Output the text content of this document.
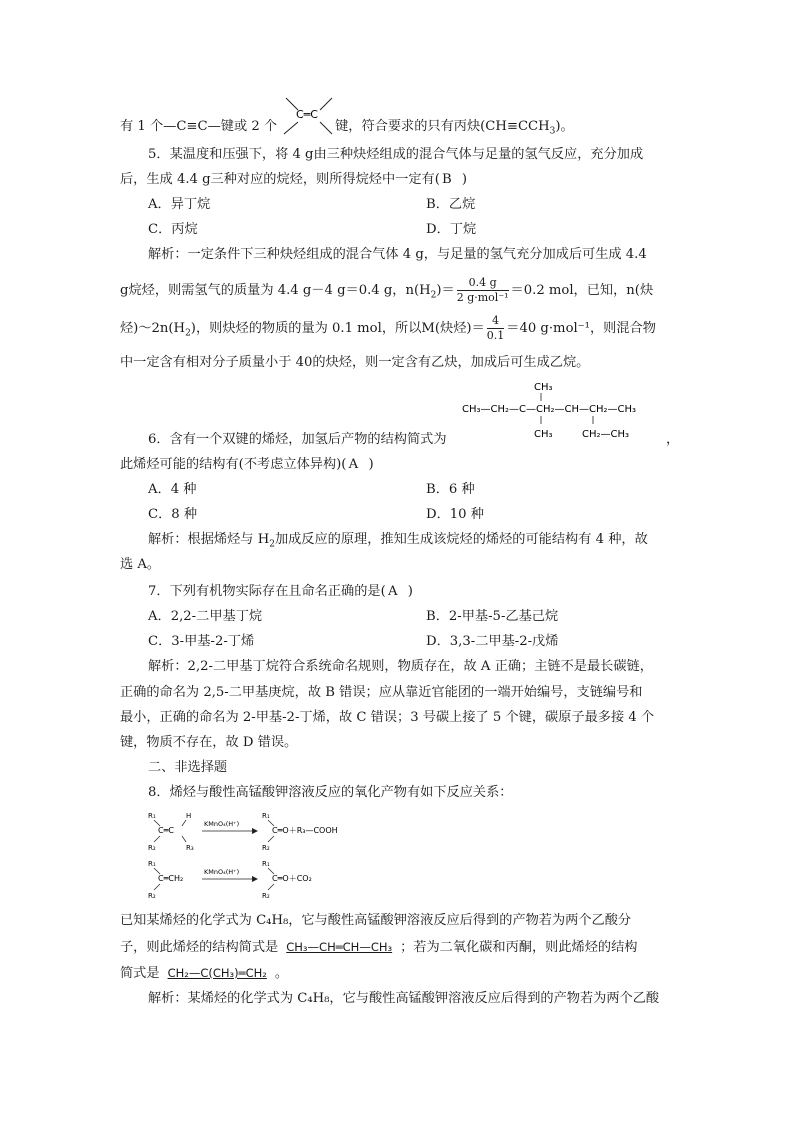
有 1 个—C≡C—键或 2 个	键，符合要求的只有丙炔$(CH\equiv CCH_3)$。
C═C
5．某温度和压强下，将 4 g由三种炔烃组成的混合气体与足量的氢气反应，充分加成
后，生成 4.4 g三种对应的烷烃，则所得烷烃中一定有( B )
A．异丁烷	B．乙烷
C．丙烷	D．丁烷
解析：一定条件下三种炔烃组成的混合气体 4 g，与足量的氢气充分加成后可生成 4.4
g烷烃，则需氢气的质量为 4.4 g－4 g＝0.4 g，$n(H_2)= \frac{0.4 g}{\text{2 g·mol⁻¹}} =0.2$ mol，已知，n(炔
烃)$\sim 2n(H_2)$，则炔烃的物质的量为 0.1 mol，所以M(炔烃)＝ $\frac{4}{0.1} =40$ g·mol⁻¹，则混合物
中一定含有相对分子质量小于 40的炔烃，则一定含有乙炔，加成后可生成乙烷。
CH₃
CH₃—CH₂—C—CH₂—CH—CH₂—CH₃
CH₃	CH₂—CH₃
6．含有一个双键的烯烃，加氢后产物的结构简式为	，
此烯烃可能的结构有(不考虑立体异构)( A )
A．4 种	B．6 种
C．8 种	D．10 种
解析：根据烯烃与 $H_2$加成反应的原理，推知生成该烷烃的烯烃的可能结构有 4 种，故
选 A。
7．下列有机物实际存在且命名正确的是( A )
A．2,2-二甲基丁烷	B．2-甲基-5-乙基己烷
C．3-甲基-2-丁烯	D．3,3-二甲基-2-戊烯
解析：2,2-二甲基丁烷符合系统命名规则，物质存在，故 A 正确；主链不是最长碳链，
正确的命名为 2,5-二甲基庚烷，故 B 错误；应从靠近官能团的一端开始编号，支链编号和
最小，正确的命名为 2-甲基-2-丁烯，故 C 错误；3 号碳上接了 5 个键，碳原子最多接 4 个
键，物质不存在，故 D 错误。
二、非选择题
8．烯烃与酸性高锰酸钾溶液反应的氧化产物有如下反应关系：
R₁
C═C
R₂
H
R₃
KMnO₄(H⁺)
R₁
C═O＋R₃—COOH
R₂
R₁
C═CH₂
R₂
KMnO₄(H⁺)
R₁
C═O＋CO₂
R₂
已知某烯烃的化学式为 C₄H₈，它与酸性高锰酸钾溶液反应后得到的产物若为两个乙酸分
子，则此烯烃的结构简式是 CH₃—CH═CH—CH₃ ；若为二氧化碳和丙酮，则此烯烃的结构
简式是 CH₂—C(CH₃)═CH₂ 。
解析：某烯烃的化学式为 C₄H₈，它与酸性高锰酸钾溶液反应后得到的产物若为两个乙酸
